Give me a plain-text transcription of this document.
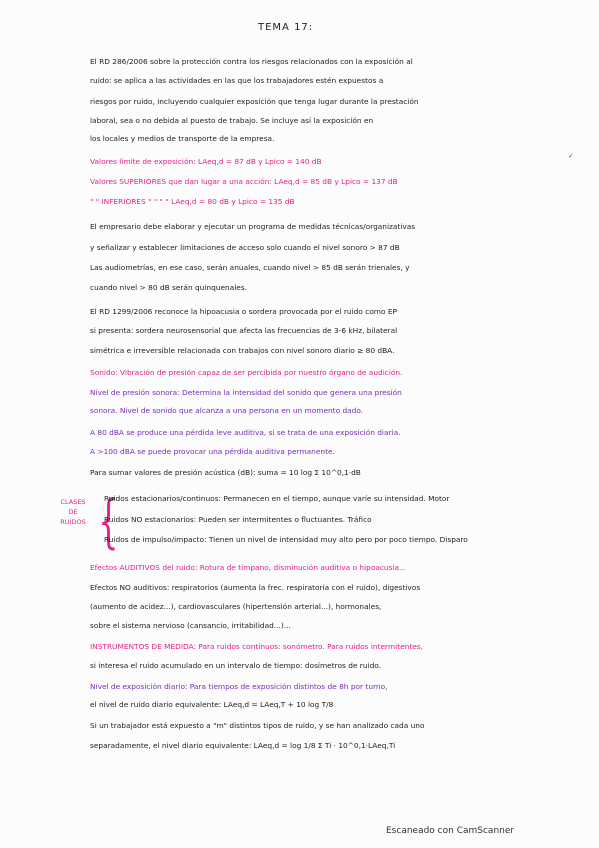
TEMA 17:
El RD 286/2006 sobre la protección contra los riesgos relacionados con la exposición al
ruido: se aplica a las actividades en las que los trabajadores estén expuestos a
riesgos por ruido, incluyendo cualquier exposición que tenga lugar durante la prestación
laboral, sea o no debida al puesto de trabajo. Se incluye así la exposición en
los locales y medios de transporte de la empresa.
Valores límite de exposición: LAeq,d = 87 dB y Lpico = 140 dB
Valores SUPERIORES que dan lugar a una acción: LAeq,d = 85 dB y Lpico = 137 dB
" " INFERIORES " " " " LAeq,d = 80 dB y Lpico = 135 dB
✓
El empresario debe elaborar y ejecutar un programa de medidas técnicas/organizativas
y señalizar y establecer limitaciones de acceso solo cuando el nivel sonoro > 87 dB
Las audiometrías, en ese caso, serán anuales, cuando nivel > 85 dB serán trienales, y
cuando nivel > 80 dB serán quinquenales.
El RD 1299/2006 reconoce la hipoacusia o sordera provocada por el ruido como EP
si presenta: sordera neurosensorial que afecta las frecuencias de 3-6 kHz, bilateral
simétrica e irreversible relacionada con trabajos con nivel sonoro diario ≥ 80 dBA.
Sonido: Vibración de presión capaz de ser percibida por nuestro órgano de audición.
Nivel de presión sonora: Determina la intensidad del sonido que genera una presión
sonora. Nivel de sonido que alcanza a una persona en un momento dado.
A 80 dBA se produce una pérdida leve auditiva, si se trata de una exposición diaria.
A >100 dBA se puede provocar una pérdida auditiva permanente.
Para sumar valores de presión acústica (dB): suma = 10 log Σ 10^0,1·dB
CLASES DE RUIDOS {
Ruidos estacionarios/continuos: Permanecen en el tiempo, aunque varíe su intensidad. Motor
Ruidos NO estacionarios: Pueden ser intermitentes o fluctuantes. Tráfico
Ruidos de impulso/impacto: Tienen un nivel de intensidad muy alto pero por poco tiempo. Disparo
Efectos AUDITIVOS del ruido: Rotura de tímpano, disminución auditiva o hipoacusia...
Efectos NO auditivos: respiratorios (aumenta la frec. respiratoria con el ruido), digestivos
(aumento de acidez...), cardiovasculares (hipertensión arterial...), hormonales,
sobre el sistema nervioso (cansancio, irritabilidad...)...
INSTRUMENTOS DE MEDIDA: Para ruidos continuos: sonómetro. Para ruidos intermitentes,
si interesa el ruido acumulado en un intervalo de tiempo: dosímetros de ruido.
Nivel de exposición diario: Para tiempos de exposición distintos de 8h por turno,
el nivel de ruido diario equivalente: LAeq,d = LAeq,T + 10 log T/8
Si un trabajador está expuesto a "m" distintos tipos de ruido, y se han analizado cada uno
separadamente, el nivel diario equivalente: LAeq,d = log 1/8 Σ Ti · 10^0,1·LAeq,Ti
Escaneado con CamScanner
